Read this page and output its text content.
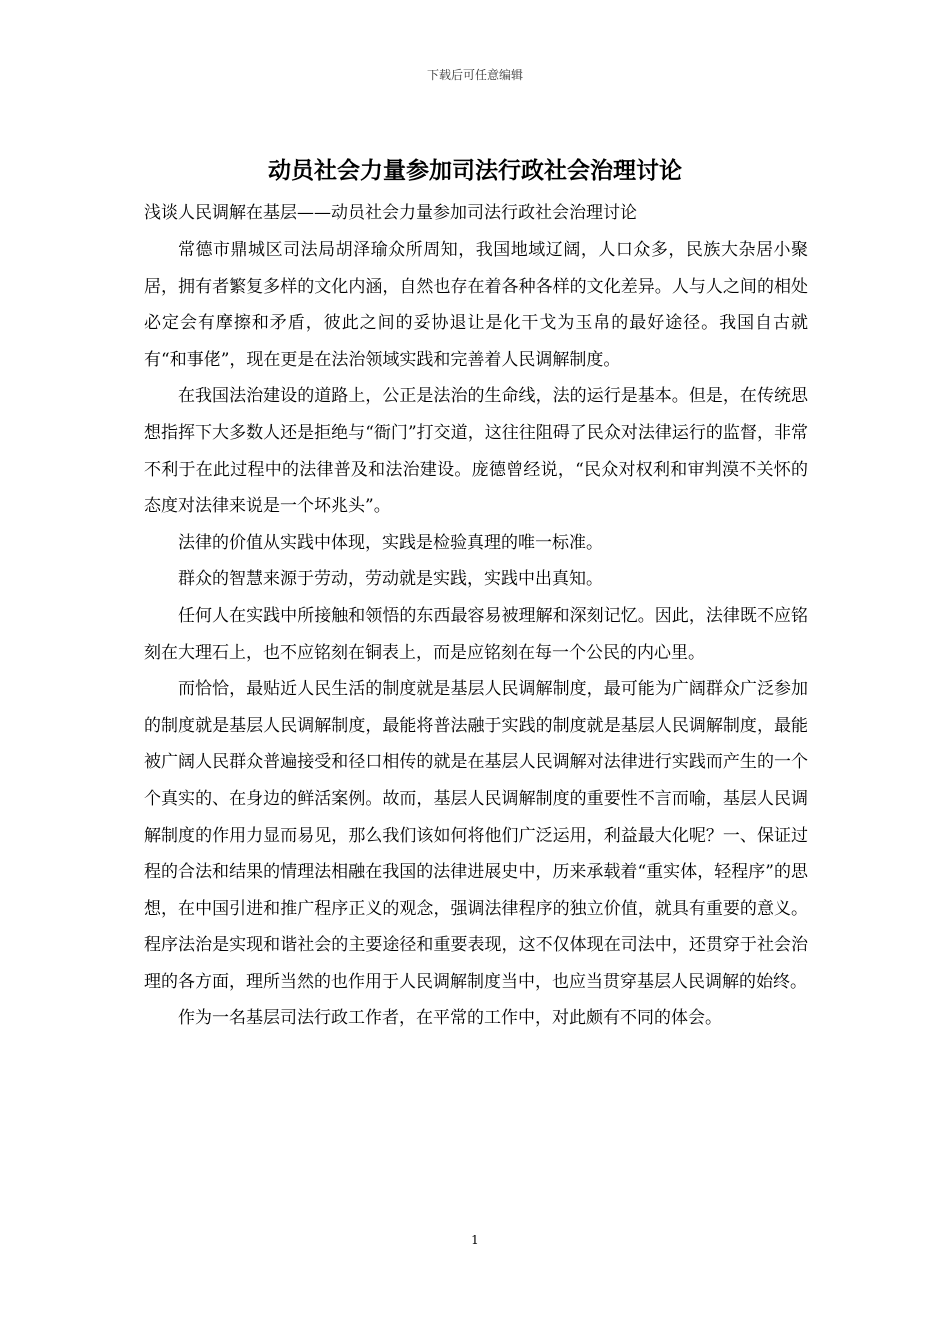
下载后可任意编辑
动员社会力量参加司法行政社会治理讨论

浅谈人民调解在基层——动员社会力量参加司法行政社会治理讨论

常德市鼎城区司法局胡泽瑜众所周知，我国地域辽阔，人口众多，民族大杂居小聚居，拥有者繁复多样的文化内涵，自然也存在着各种各样的文化差异。人与人之间的相处必定会有摩擦和矛盾，彼此之间的妥协退让是化干戈为玉帛的最好途径。我国自古就有“和事佬”，现在更是在法治领域实践和完善着人民调解制度。

在我国法治建设的道路上，公正是法治的生命线，法的运行是基本。但是，在传统思想指挥下大多数人还是拒绝与“衙门”打交道，这往往阻碍了民众对法律运行的监督，非常不利于在此过程中的法律普及和法治建设。庞德曾经说，“民众对权利和审判漠不关怀的态度对法律来说是一个坏兆头”。

法律的价值从实践中体现，实践是检验真理的唯一标准。

群众的智慧来源于劳动，劳动就是实践，实践中出真知。

任何人在实践中所接触和领悟的东西最容易被理解和深刻记忆。因此，法律既不应铭刻在大理石上，也不应铭刻在铜表上，而是应铭刻在每一个公民的内心里。

而恰恰，最贴近人民生活的制度就是基层人民调解制度，最可能为广阔群众广泛参加的制度就是基层人民调解制度，最能将普法融于实践的制度就是基层人民调解制度，最能被广阔人民群众普遍接受和径口相传的就是在基层人民调解对法律进行实践而产生的一个个真实的、在身边的鲜活案例。故而，基层人民调解制度的重要性不言而喻，基层人民调解制度的作用力显而易见，那么我们该如何将他们广泛运用，利益最大化呢？一、保证过程的合法和结果的情理法相融在我国的法律进展史中，历来承载着“重实体，轻程序”的思想，在中国引进和推广程序正义的观念，强调法律程序的独立价值，就具有重要的意义。程序法治是实现和谐社会的主要途径和重要表现，这不仅体现在司法中，还贯穿于社会治理的各方面，理所当然的也作用于人民调解制度当中，也应当贯穿基层人民调解的始终。

作为一名基层司法行政工作者，在平常的工作中，对此颇有不同的体会。

1
